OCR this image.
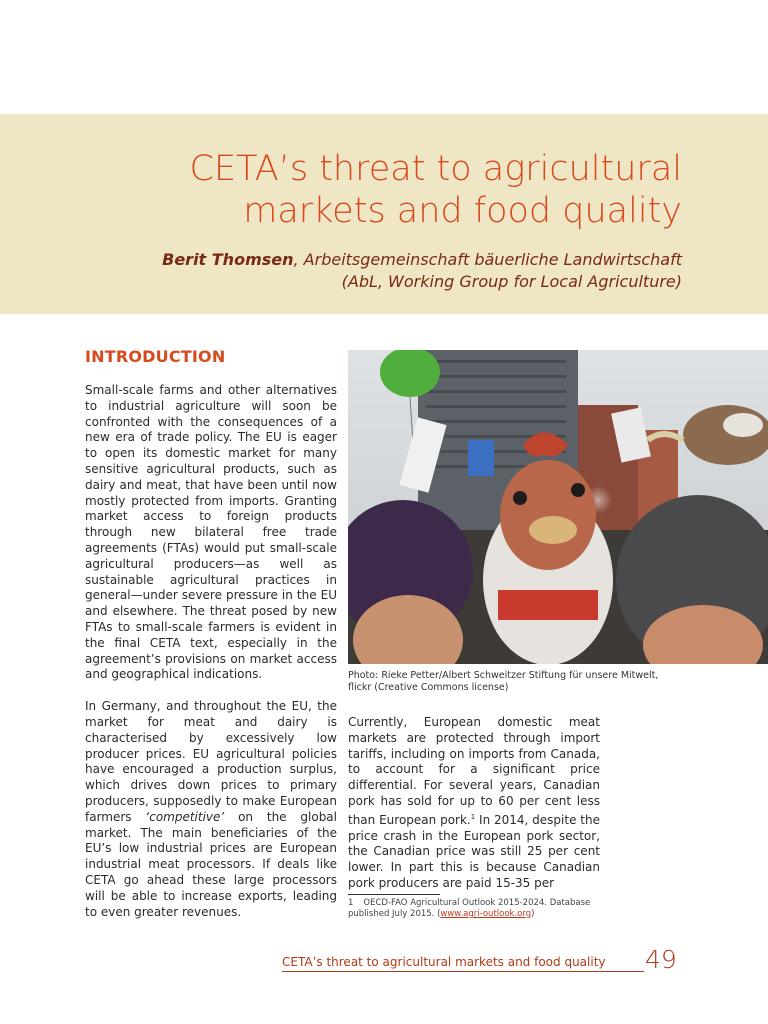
CETA’s threat to agricultural
markets and food quality
Berit Thomsen, Arbeitsgemeinschaft bäuerliche Landwirtschaft
(AbL, Working Group for Local Agriculture)
INTRODUCTION

Small-scale farms and other alternatives to industrial agriculture will soon be confronted with the consequences of a new era of trade policy. The EU is eager to open its domestic market for many sensitive agricultural products, such as dairy and meat, that have been until now mostly protected from imports. Granting market access to foreign products through new bilateral free trade agreements (FTAs) would put small-scale agricultural producers—as well as sustainable agricultural practices in general—under severe pressure in the EU and elsewhere. The threat posed by new FTAs to small-scale farmers is evident in the final CETA text, especially in the agreement’s provisions on market access and geographical indications.

In Germany, and throughout the EU, the market for meat and dairy is characterised by excessively low producer prices. EU agricultural policies have encouraged a production surplus, which drives down prices to primary producers, supposedly to make European farmers ‘competitive’ on the global market. The main beneficiaries of the EU’s low industrial prices are European industrial meat processors. If deals like CETA go ahead these large processors will be able to increase exports, leading to even greater revenues.

Photo: Rieke Petter/Albert Schweitzer Stiftung für unsere Mitwelt, flickr (Creative Commons license)

Currently, European domestic meat markets are protected through import tariffs, including on imports from Canada, to account for a significant price differential. For several years, Canadian pork has sold for up to 60 per cent less than European pork.$^1$ In 2014, despite the price crash in the European pork sector, the Canadian price was still 25 per cent lower. In part this is because Canadian pork producers are paid 15-35 per

1 OECD-FAO Agricultural Outlook 2015-2024. Database published July 2015. (www.agri-outlook.org)
CETA’s threat to agricultural markets and food quality 49
